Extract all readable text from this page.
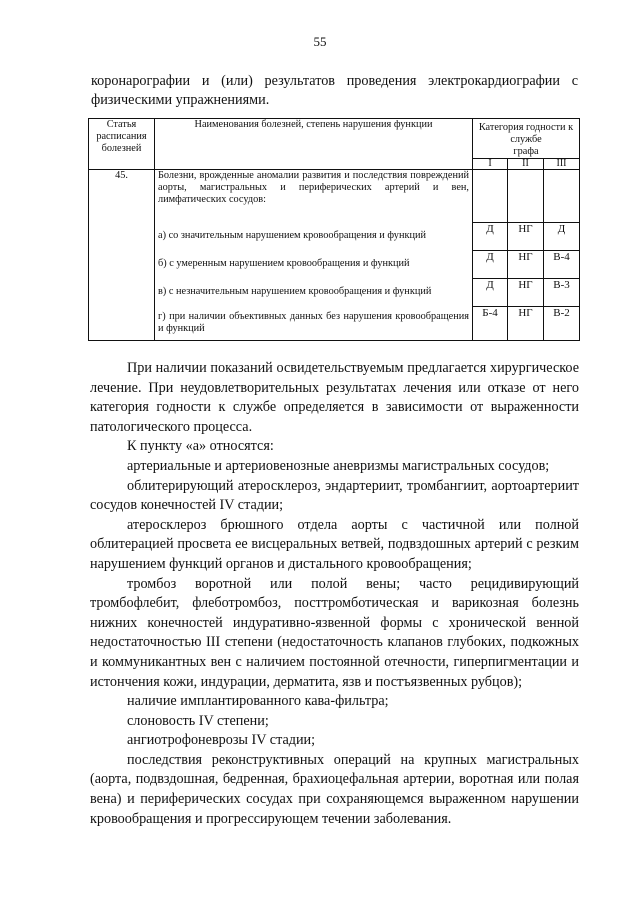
55

коронарографии и (или) результатов проведения электрокардиографии с физическими упражнениями.

Статья расписания болезней	Наименования болезней, степень нарушения функции	Категория годности к службе		
		графа		
		I	II	III
45.	Болезни, врожденные аномалии развития и последствия повреждений аорты, магистральных и периферических артерий и вен, лимфатических сосудов:			

	а) со значительным нарушением кровообращения и функций	Д	НГ	Д
	б) с умеренным нарушением кровообращения и функций	Д	НГ	В-4
	в) с незначительным нарушением кровообращения и функций	Д	НГ	В-3
	г) при наличии объективных данных без нарушения кровообращения и функций	Б-4	НГ	В-2

При наличии показаний освидетельствуемым предлагается хирургическое лечение. При неудовлетворительных результатах лечения или отказе от него категория годности к службе определяется в зависимости от выраженности патологического процесса.

К пункту «а» относятся:

артериальные и артериовенозные аневризмы магистральных сосудов;

облитерирующий атеросклероз, эндартериит, тромбангиит, аортоартериит сосудов конечностей IV стадии;

атеросклероз брюшного отдела аорты с частичной или полной облитерацией просвета ее висцеральных ветвей, подвздошных артерий с резким нарушением функций органов и дистального кровообращения;

тромбоз воротной или полой вены; часто рецидивирующий тромбофлебит, флеботромбоз, посттромботическая и варикозная болезнь нижних конечностей индуративно-язвенной формы с хронической венной недостаточностью III степени (недостаточность клапанов глубоких, подкожных и коммуникантных вен с наличием постоянной отечности, гиперпигментации и истончения кожи, индурации, дерматита, язв и постъязвенных рубцов);

наличие имплантированного кава-фильтра;

слоновость IV степени;

ангиотрофоневрозы IV стадии;

последствия реконструктивных операций на крупных магистральных (аорта, подвздошная, бедренная, брахиоцефальная артерии, воротная или полая вена) и периферических сосудах при сохраняющемся выраженном нарушении кровообращения и прогрессирующем течении заболевания.
